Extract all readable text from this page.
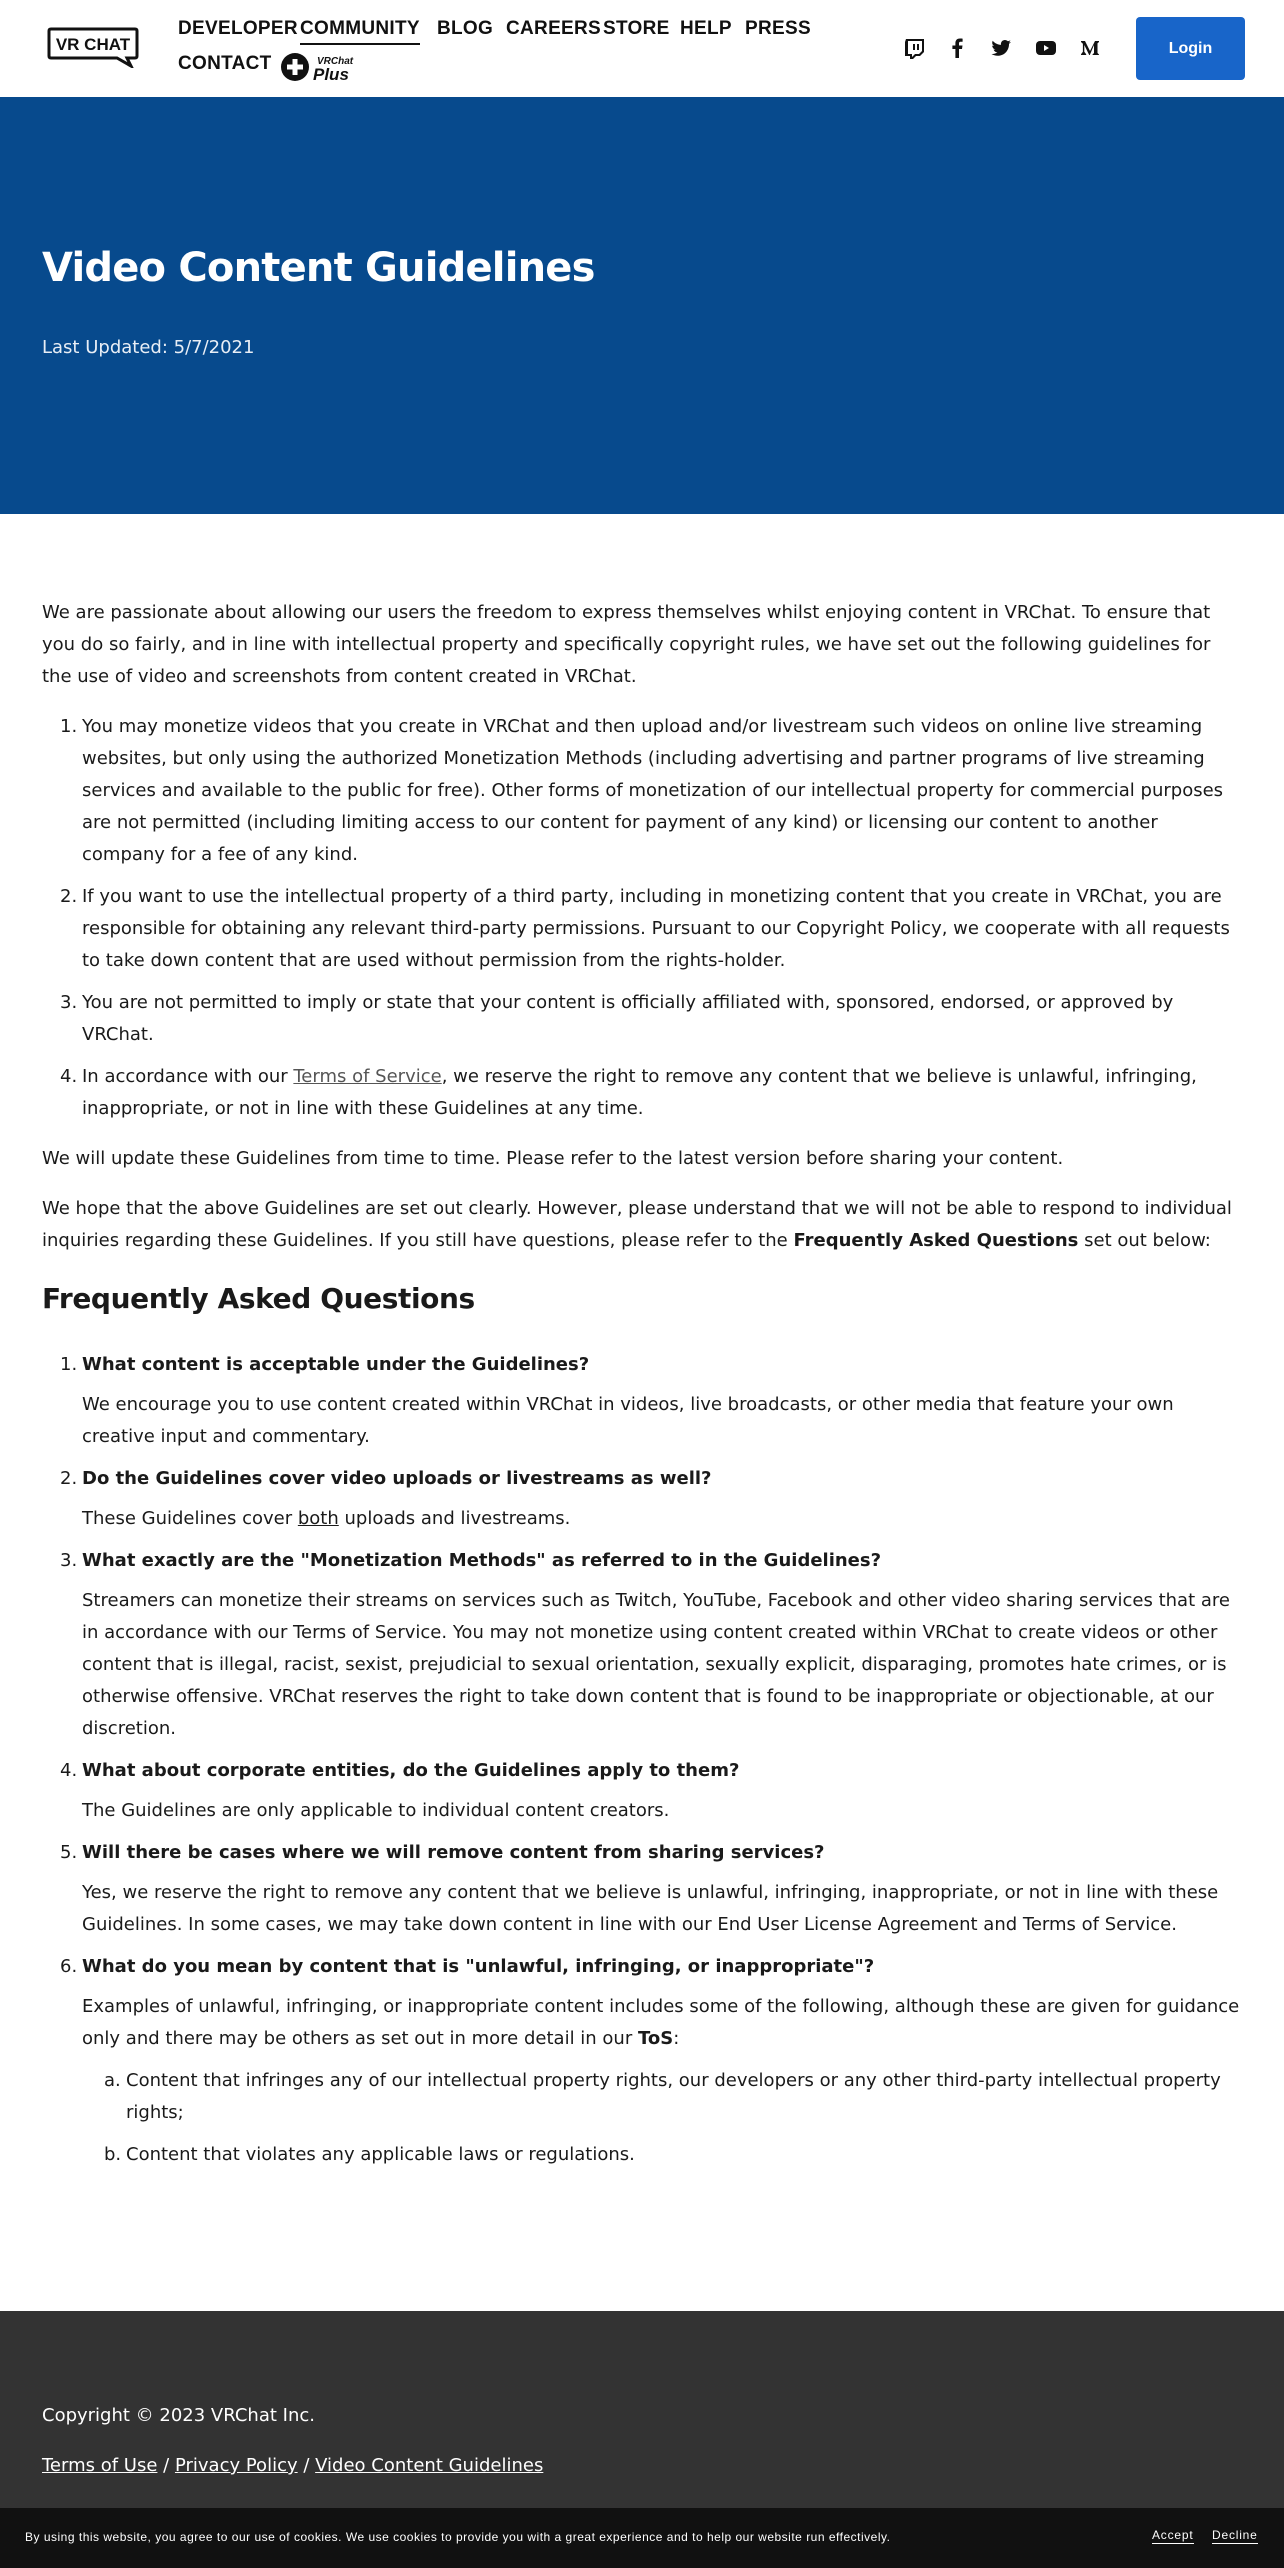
VR CHAT
DEVELOPER COMMUNITY BLOG CAREERS STORE HELP PRESS
CONTACT	VRChat
Plus
Login
Video Content Guidelines
Last Updated: 5/7/2021

We are passionate about allowing our users the freedom to express themselves whilst enjoying content in VRChat. To ensure that you do so fairly, and in line with intellectual property and specifically copyright rules, we have set out the following guidelines for the use of video and screenshots from content created in VRChat.

1. You may monetize videos that you create in VRChat and then upload and/or livestream such videos on online live streaming websites, but only using the authorized Monetization Methods (including advertising and partner programs of live streaming services and available to the public for free). Other forms of monetization of our intellectual property for commercial purposes are not permitted (including limiting access to our content for payment of any kind) or licensing our content to another company for a fee of any kind.
2. If you want to use the intellectual property of a third party, including in monetizing content that you create in VRChat, you are responsible for obtaining any relevant third-party permissions. Pursuant to our Copyright Policy, we cooperate with all requests to take down content that are used without permission from the rights-holder.
3. You are not permitted to imply or state that your content is officially affiliated with, sponsored, endorsed, or approved by VRChat.
4. In accordance with our Terms of Service, we reserve the right to remove any content that we believe is unlawful, infringing, inappropriate, or not in line with these Guidelines at any time.

We will update these Guidelines from time to time. Please refer to the latest version before sharing your content.

We hope that the above Guidelines are set out clearly. However, please understand that we will not be able to respond to individual inquiries regarding these Guidelines. If you still have questions, please refer to the Frequently Asked Questions set out below:

Frequently Asked Questions
1. What content is acceptable under the Guidelines?
We encourage you to use content created within VRChat in videos, live broadcasts, or other media that feature your own creative input and commentary.
2. Do the Guidelines cover video uploads or livestreams as well?
These Guidelines cover both uploads and livestreams.
3. What exactly are the "Monetization Methods" as referred to in the Guidelines?
Streamers can monetize their streams on services such as Twitch, YouTube, Facebook and other video sharing services that are in accordance with our Terms of Service. You may not monetize using content created within VRChat to create videos or other content that is illegal, racist, sexist, prejudicial to sexual orientation, sexually explicit, disparaging, promotes hate crimes, or is otherwise offensive. VRChat reserves the right to take down content that is found to be inappropriate or objectionable, at our discretion.
4. What about corporate entities, do the Guidelines apply to them?
The Guidelines are only applicable to individual content creators.
5. Will there be cases where we will remove content from sharing services?
Yes, we reserve the right to remove any content that we believe is unlawful, infringing, inappropriate, or not in line with these Guidelines. In some cases, we may take down content in line with our End User License Agreement and Terms of Service.
6. What do you mean by content that is "unlawful, infringing, or inappropriate"?
Examples of unlawful, infringing, or inappropriate content includes some of the following, although these are given for guidance only and there may be others as set out in more detail in our ToS:
a. Content that infringes any of our intellectual property rights, our developers or any other third-party intellectual property rights;
b. Content that violates any applicable laws or regulations.
Copyright © 2023 VRChat Inc.
Terms of Use / Privacy Policy / Video Content Guidelines
By using this website, you agree to our use of cookies. We use cookies to provide you with a great experience and to help our website run effectively.	Accept Decline
